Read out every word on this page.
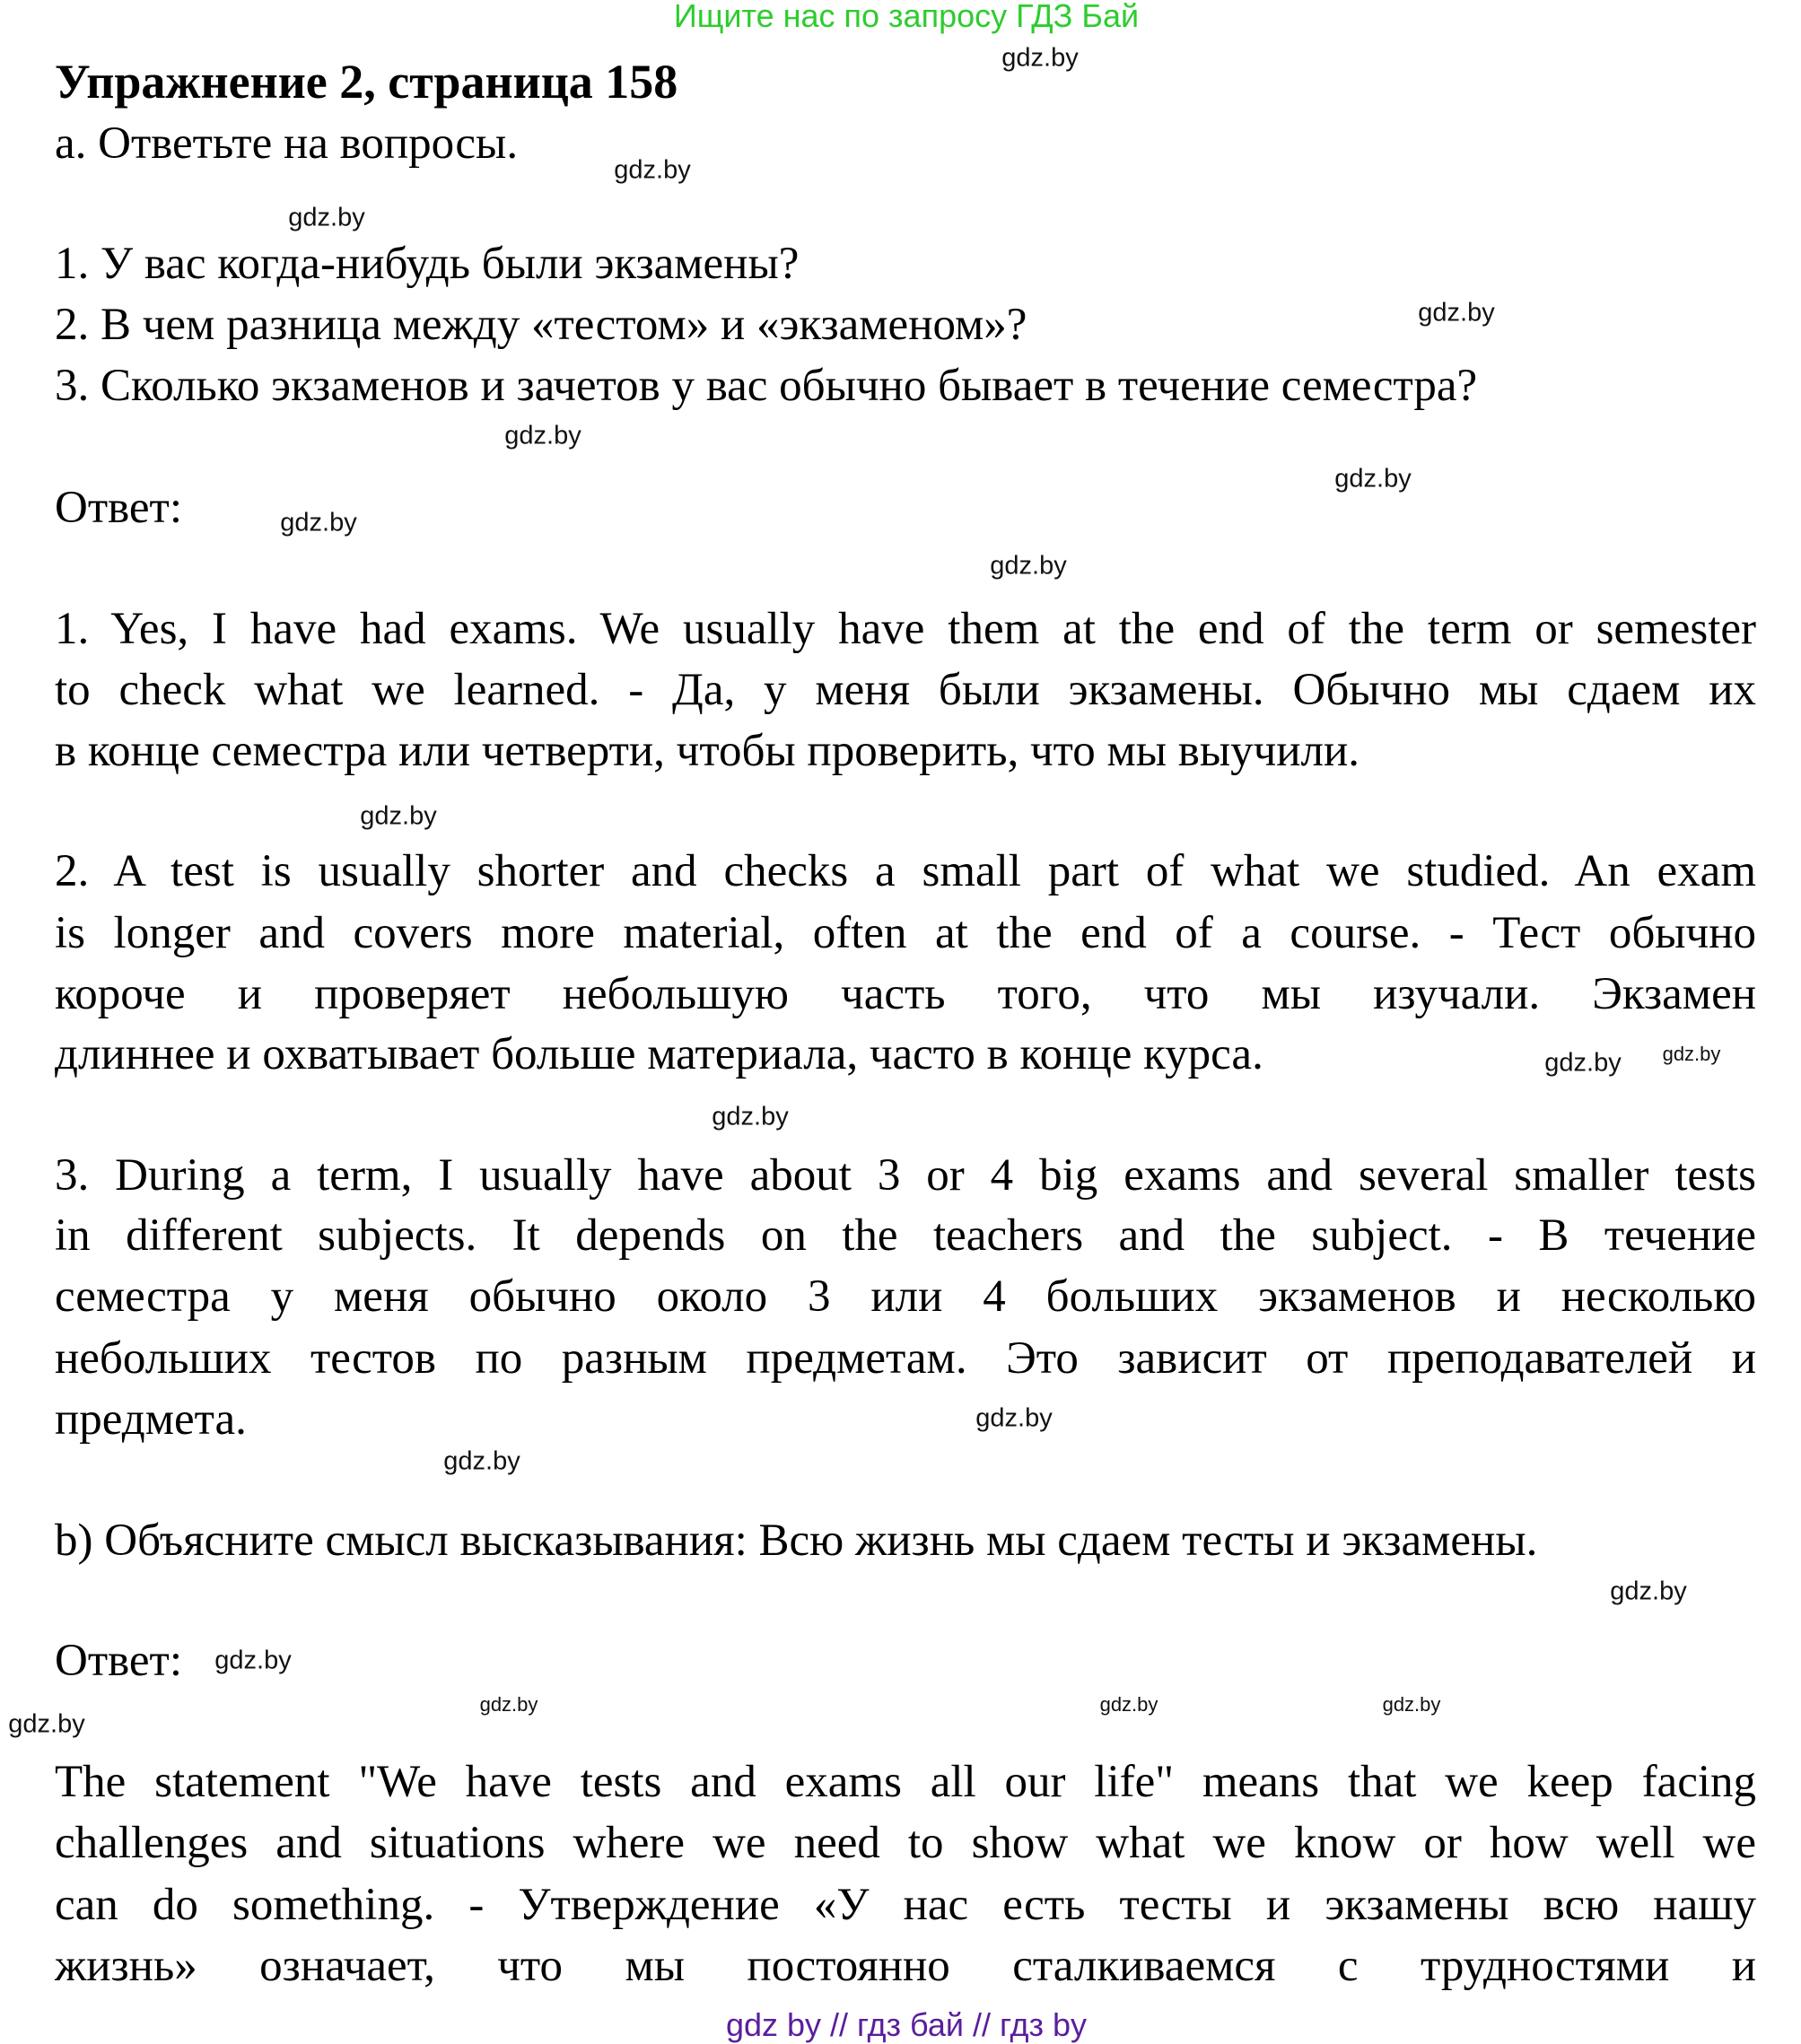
Ищите нас по запросу ГДЗ Бай
Упражнение 2, страница 158
a. Ответьте на вопросы.
1. У вас когда-нибудь были экзамены?
2. В чем разница между «тестом» и «экзаменом»?
3. Сколько экзаменов и зачетов у вас обычно бывает в течение семестра?
Ответ:
1. Yes, I have had exams. We usually have them at the end of the term or semester
to check what we learned. - Да, у меня были экзамены. Обычно мы сдаем их
в конце семестра или четверти, чтобы проверить, что мы выучили.
2. A test is usually shorter and checks a small part of what we studied. An exam
is longer and covers more material, often at the end of a course. - Тест обычно
короче и проверяет небольшую часть того, что мы изучали. Экзамен
длиннее и охватывает больше материала, часто в конце курса.
3. During a term, I usually have about 3 or 4 big exams and several smaller tests
in different subjects. It depends on the teachers and the subject. - В течение
семестра у меня обычно около 3 или 4 больших экзаменов и несколько
небольших тестов по разным предметам. Это зависит от преподавателей и
предмета.
b) Объясните смысл высказывания: Всю жизнь мы сдаем тесты и экзамены.
Ответ:
The statement "We have tests and exams all our life" means that we keep facing
challenges and situations where we need to show what we know or how well we
can do something. - Утверждение «У нас есть тесты и экзамены всю нашу
жизнь» означает, что мы постоянно сталкиваемся с трудностями и
gdz.by
gdz.by
gdz.by
gdz.by
gdz.by
gdz.by
gdz.by
gdz.by
gdz.by
gdz.by
gdz.by
gdz.by
gdz.by
gdz.by
gdz.by
gdz.by
gdz.by
gdz.by
gdz.by
gdz.by
gdz by // гдз бай // гдз by
